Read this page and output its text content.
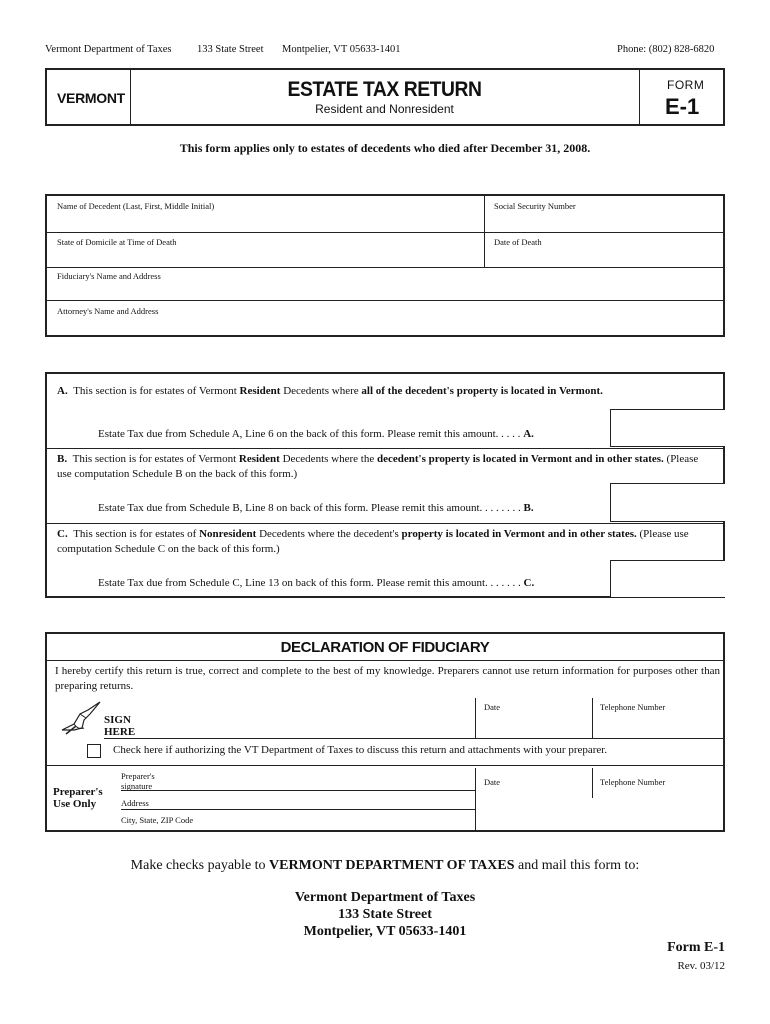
Vermont Department of Taxes 133 State Street Montpelier, VT 05633-1401	Phone: (802) 828-6820
VERMONT	ESTATE TAX RETURN
Resident and Nonresident
FORM
E-1
This form applies only to estates of decedents who died after December 31, 2008.
Name of Decedent (Last, First, Middle Initial)	Social Security Number
State of Domicile at Time of Death	Date of Death
Fiduciary's Name and Address
Attorney's Name and Address
A. This section is for estates of Vermont Resident Decedents where all of the decedent's property is located in Vermont.
Estate Tax due from Schedule A, Line 6 on the back of this form. Please remit this amount. . . . . A.
B. This section is for estates of Vermont Resident Decedents where the decedent's property is located in Vermont and in other states. (Please use computation Schedule B on the back of this form.)
Estate Tax due from Schedule B, Line 8 on back of this form. Please remit this amount. . . . . . . . B.
C. This section is for estates of Nonresident Decedents where the decedent's property is located in Vermont and in other states. (Please use computation Schedule C on the back of this form.)
Estate Tax due from Schedule C, Line 13 on back of this form. Please remit this amount. . . . . . . C.
DECLARATION OF FIDUCIARY
I hereby certify this return is true, correct and complete to the best of my knowledge. Preparers cannot use return information for purposes other than preparing returns.
Date	Telephone Number
SIGN
HERE
Check here if authorizing the VT Department of Taxes to discuss this return and attachments with your preparer.
Preparer's
Use Only
Preparer's
signature	Date	Telephone Number
Address
City, State, ZIP Code
Make checks payable to VERMONT DEPARTMENT OF TAXES and mail this form to:
Vermont Department of Taxes
133 State Street
Montpelier, VT 05633-1401
Form E-1
Rev. 03/12
